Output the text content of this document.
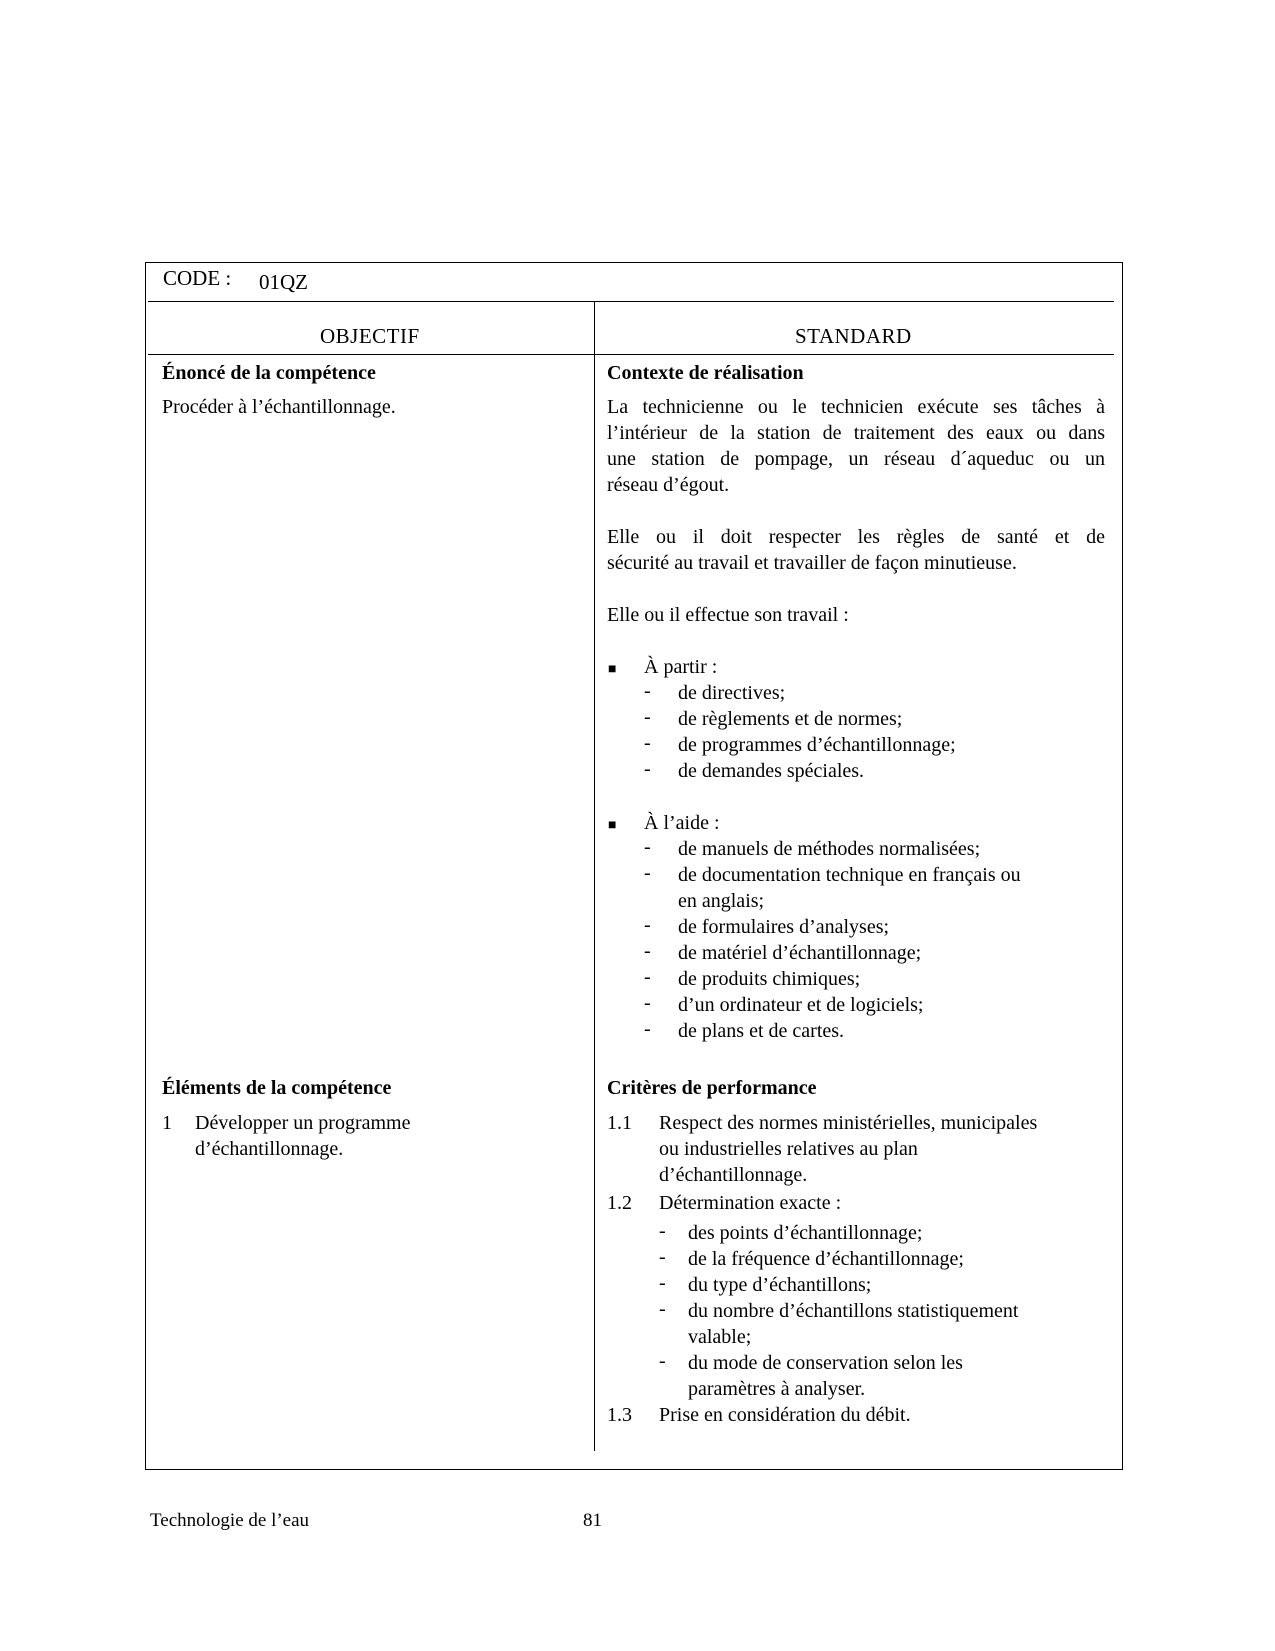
CODE : 01QZ
OBJECTIF	STANDARD
Énoncé de la compétence
Procéder à l’échantillonnage.
Contexte de réalisation
La technicienne ou le technicien exécute ses tâches à
l’intérieur de la station de traitement des eaux ou dans
une station de pompage, un réseau d´aqueduc ou un
réseau d’égout.
Elle ou il doit respecter les règles de santé et de
sécurité au travail et travailler de façon minutieuse.
Elle ou il effectue son travail :
■ À partir :
- de directives;
- de règlements et de normes;
- de programmes d’échantillonnage;
- de demandes spéciales.
■ À l’aide :
- de manuels de méthodes normalisées;
- de documentation technique en français ou
en anglais;
- de formulaires d’analyses;
- de matériel d’échantillonnage;
- de produits chimiques;
- d’un ordinateur et de logiciels;
- de plans et de cartes.
Éléments de la compétence
1 Développer un programme
d’échantillonnage.
Critères de performance
1.1 Respect des normes ministérielles, municipales
ou industrielles relatives au plan
d’échantillonnage.
1.2 Détermination exacte :
- des points d’échantillonnage;
- de la fréquence d’échantillonnage;
- du type d’échantillons;
- du nombre d’échantillons statistiquement
valable;
- du mode de conservation selon les
paramètres à analyser.
1.3 Prise en considération du débit.
Technologie de l’eau	81
